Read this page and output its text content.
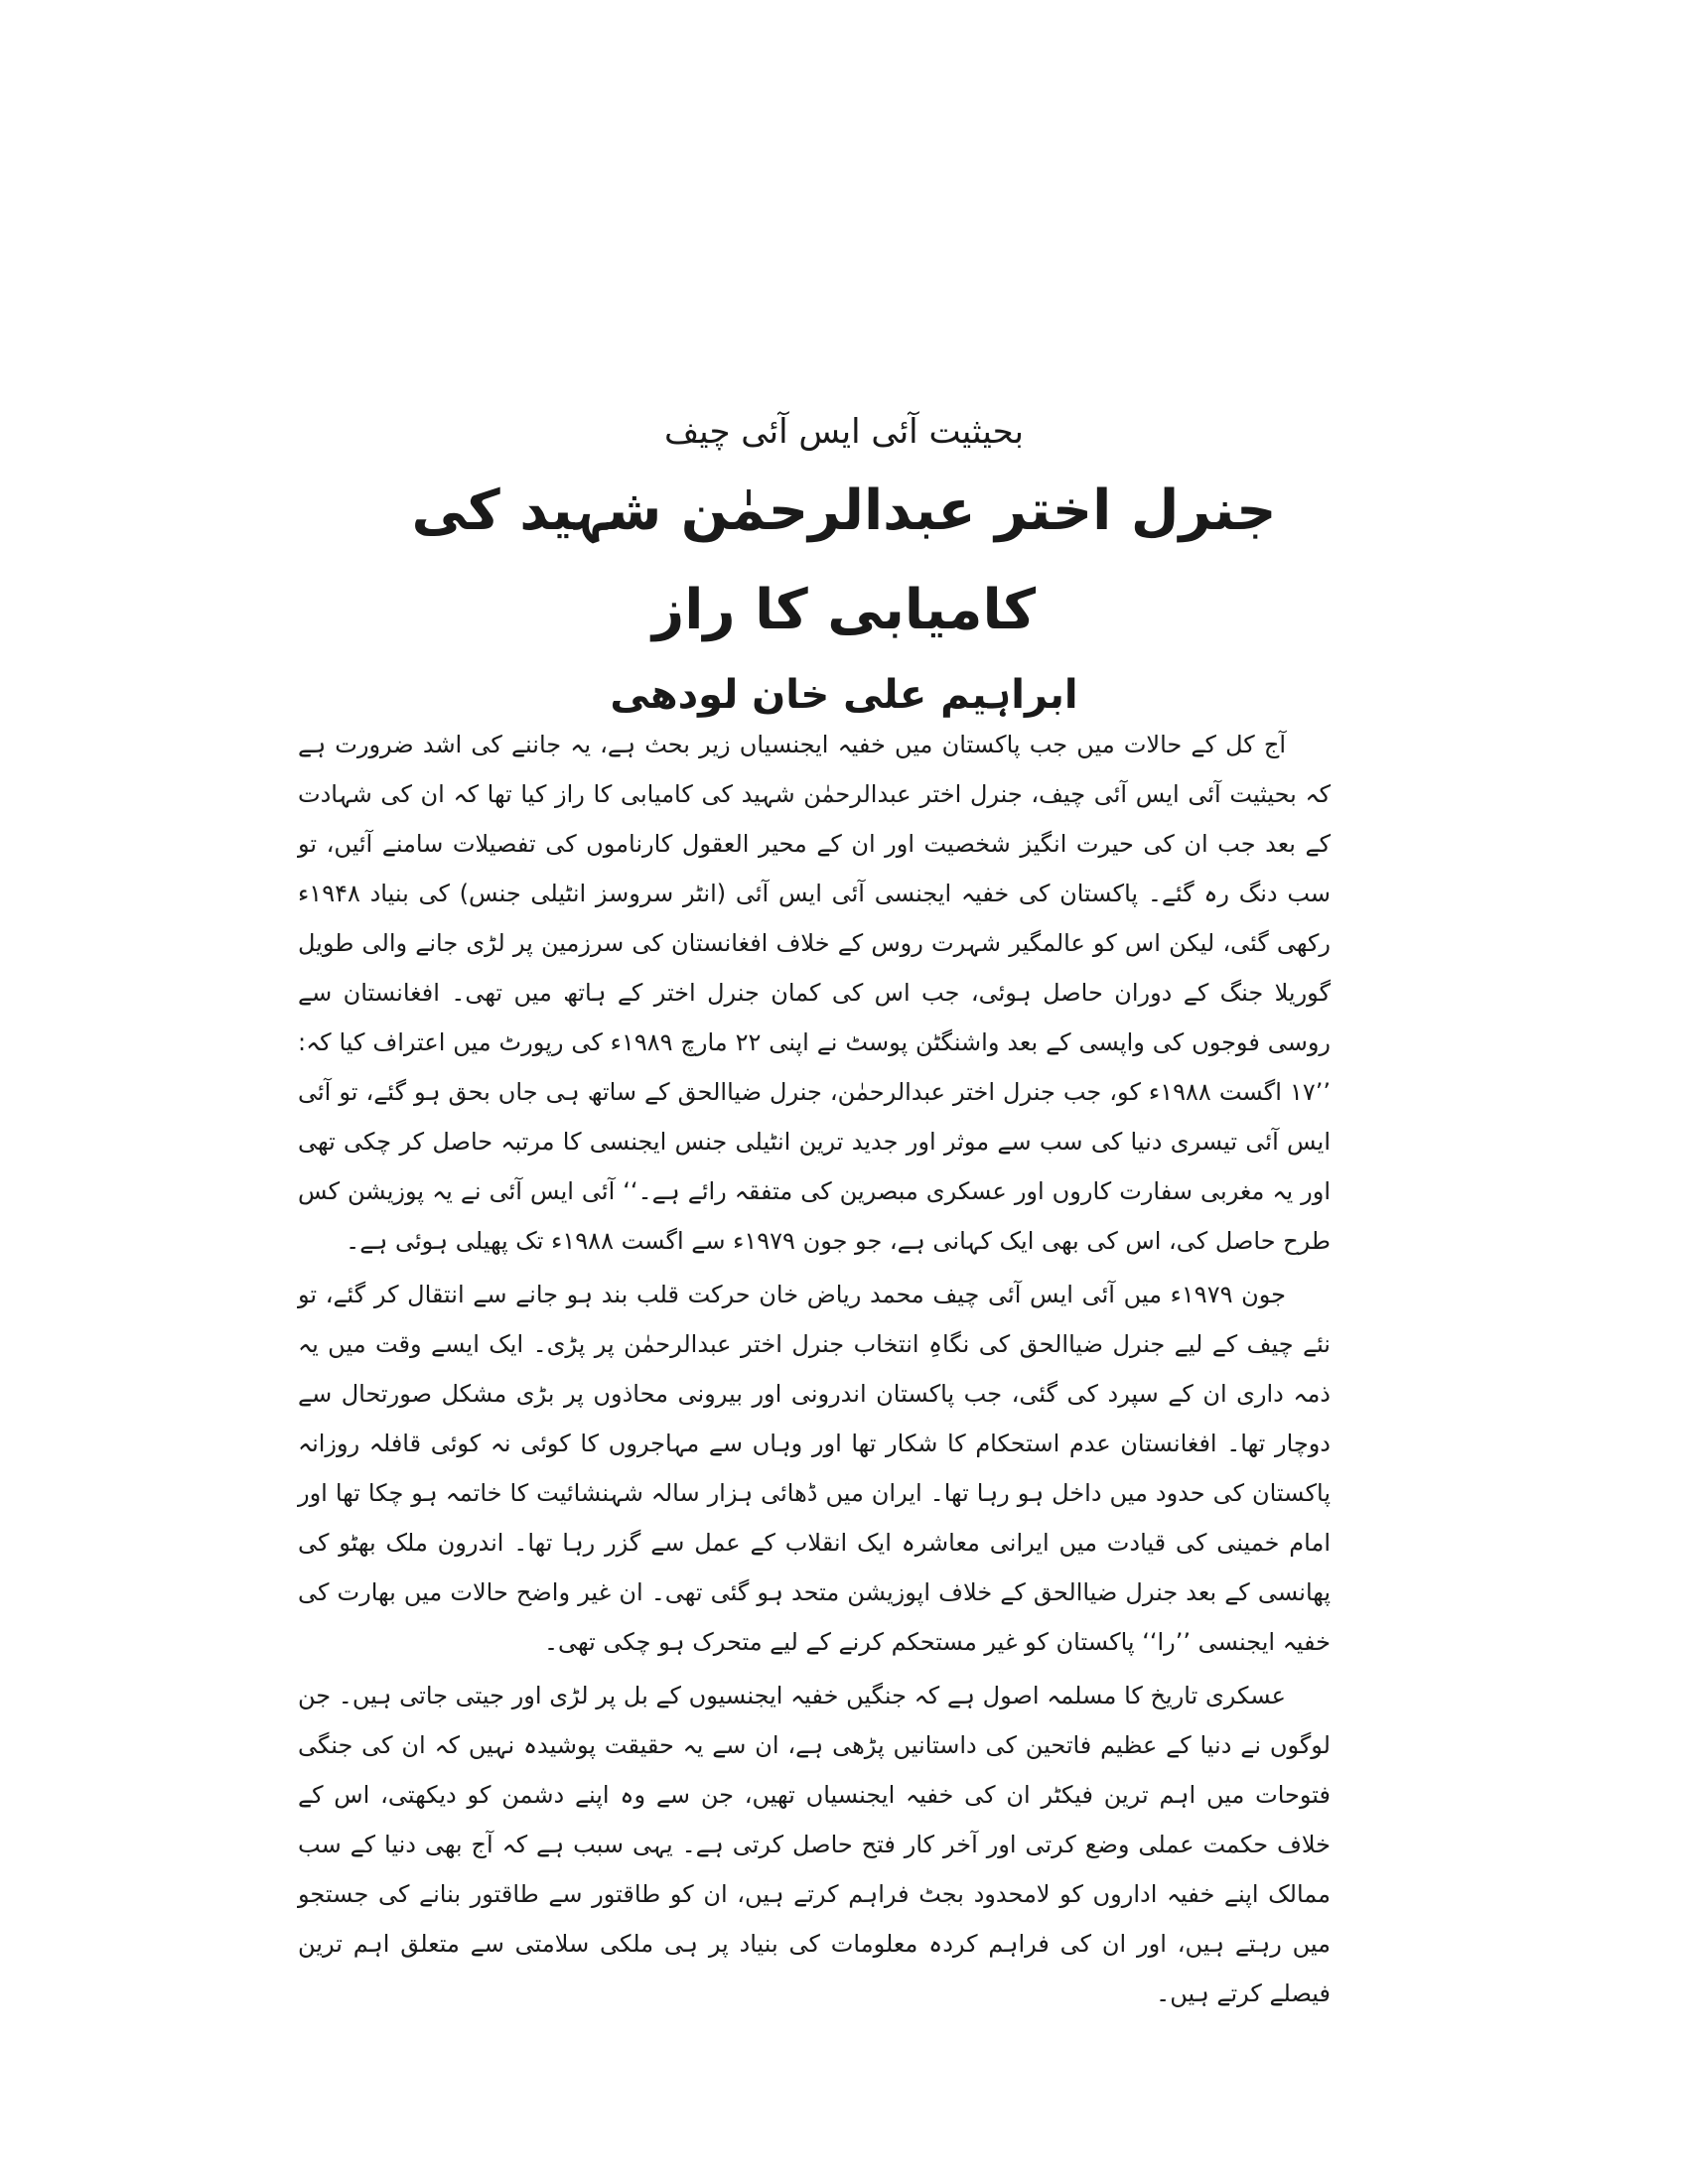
بحیثیت آئی ایس آئی چیف

جنرل اختر عبدالرحمٰن شہید کی کامیابی کا راز

ابراہیم علی خان لودھی

آج کل کے حالات میں جب پاکستان میں خفیہ ایجنسیاں زیر بحث ہے، یہ جاننے کی اشد ضرورت ہے کہ بحیثیت آئی ایس آئی چیف، جنرل اختر عبدالرحمٰن شہید کی کامیابی کا راز کیا تھا کہ ان کی شہادت کے بعد جب ان کی حیرت انگیز شخصیت اور ان کے محیر العقول کارناموں کی تفصیلات سامنے آئیں، تو سب دنگ رہ گئے۔ پاکستان کی خفیہ ایجنسی آئی ایس آئی (انٹر سروسز انٹیلی جنس) کی بنیاد ۱۹۴۸ء رکھی گئی، لیکن اس کو عالمگیر شہرت روس کے خلاف افغانستان کی سرزمین پر لڑی جانے والی طویل گوریلا جنگ کے دوران حاصل ہوئی، جب اس کی کمان جنرل اختر کے ہاتھ میں تھی۔ افغانستان سے روسی فوجوں کی واپسی کے بعد واشنگٹن پوسٹ نے اپنی ۲۲ مارچ ۱۹۸۹ء کی رپورٹ میں اعتراف کیا کہ: ’’۱۷ اگست ۱۹۸۸ء کو، جب جنرل اختر عبدالرحمٰن، جنرل ضیاالحق کے ساتھ ہی جاں بحق ہو گئے، تو آئی ایس آئی تیسری دنیا کی سب سے موثر اور جدید ترین انٹیلی جنس ایجنسی کا مرتبہ حاصل کر چکی تھی اور یہ مغربی سفارت کاروں اور عسکری مبصرین کی متفقہ رائے ہے۔‘‘ آئی ایس آئی نے یہ پوزیشن کس طرح حاصل کی، اس کی بھی ایک کہانی ہے، جو جون ۱۹۷۹ء سے اگست ۱۹۸۸ء تک پھیلی ہوئی ہے۔

جون ۱۹۷۹ء میں آئی ایس آئی چیف محمد ریاض خان حرکت قلب بند ہو جانے سے انتقال کر گئے، تو نئے چیف کے لیے جنرل ضیاالحق کی نگاہِ انتخاب جنرل اختر عبدالرحمٰن پر پڑی۔ ایک ایسے وقت میں یہ ذمہ داری ان کے سپرد کی گئی، جب پاکستان اندرونی اور بیرونی محاذوں پر بڑی مشکل صورتحال سے دوچار تھا۔ افغانستان عدم استحکام کا شکار تھا اور وہاں سے مہاجروں کا کوئی نہ کوئی قافلہ روزانہ پاکستان کی حدود میں داخل ہو رہا تھا۔ ایران میں ڈھائی ہزار سالہ شہنشائیت کا خاتمہ ہو چکا تھا اور امام خمینی کی قیادت میں ایرانی معاشرہ ایک انقلاب کے عمل سے گزر رہا تھا۔ اندرون ملک بھٹو کی پھانسی کے بعد جنرل ضیاالحق کے خلاف اپوزیشن متحد ہو گئی تھی۔ ان غیر واضح حالات میں بھارت کی خفیہ ایجنسی ’’را‘‘ پاکستان کو غیر مستحکم کرنے کے لیے متحرک ہو چکی تھی۔

عسکری تاریخ کا مسلمہ اصول ہے کہ جنگیں خفیہ ایجنسیوں کے بل پر لڑی اور جیتی جاتی ہیں۔ جن لوگوں نے دنیا کے عظیم فاتحین کی داستانیں پڑھی ہے، ان سے یہ حقیقت پوشیدہ نہیں کہ ان کی جنگی فتوحات میں اہم ترین فیکٹر ان کی خفیہ ایجنسیاں تھیں، جن سے وہ اپنے دشمن کو دیکھتی، اس کے خلاف حکمت عملی وضع کرتی اور آخر کار فتح حاصل کرتی ہے۔ یہی سبب ہے کہ آج بھی دنیا کے سب ممالک اپنے خفیہ اداروں کو لامحدود بجٹ فراہم کرتے ہیں، ان کو طاقتور سے طاقتور بنانے کی جستجو میں رہتے ہیں، اور ان کی فراہم کردہ معلومات کی بنیاد پر ہی ملکی سلامتی سے متعلق اہم ترین فیصلے کرتے ہیں۔
